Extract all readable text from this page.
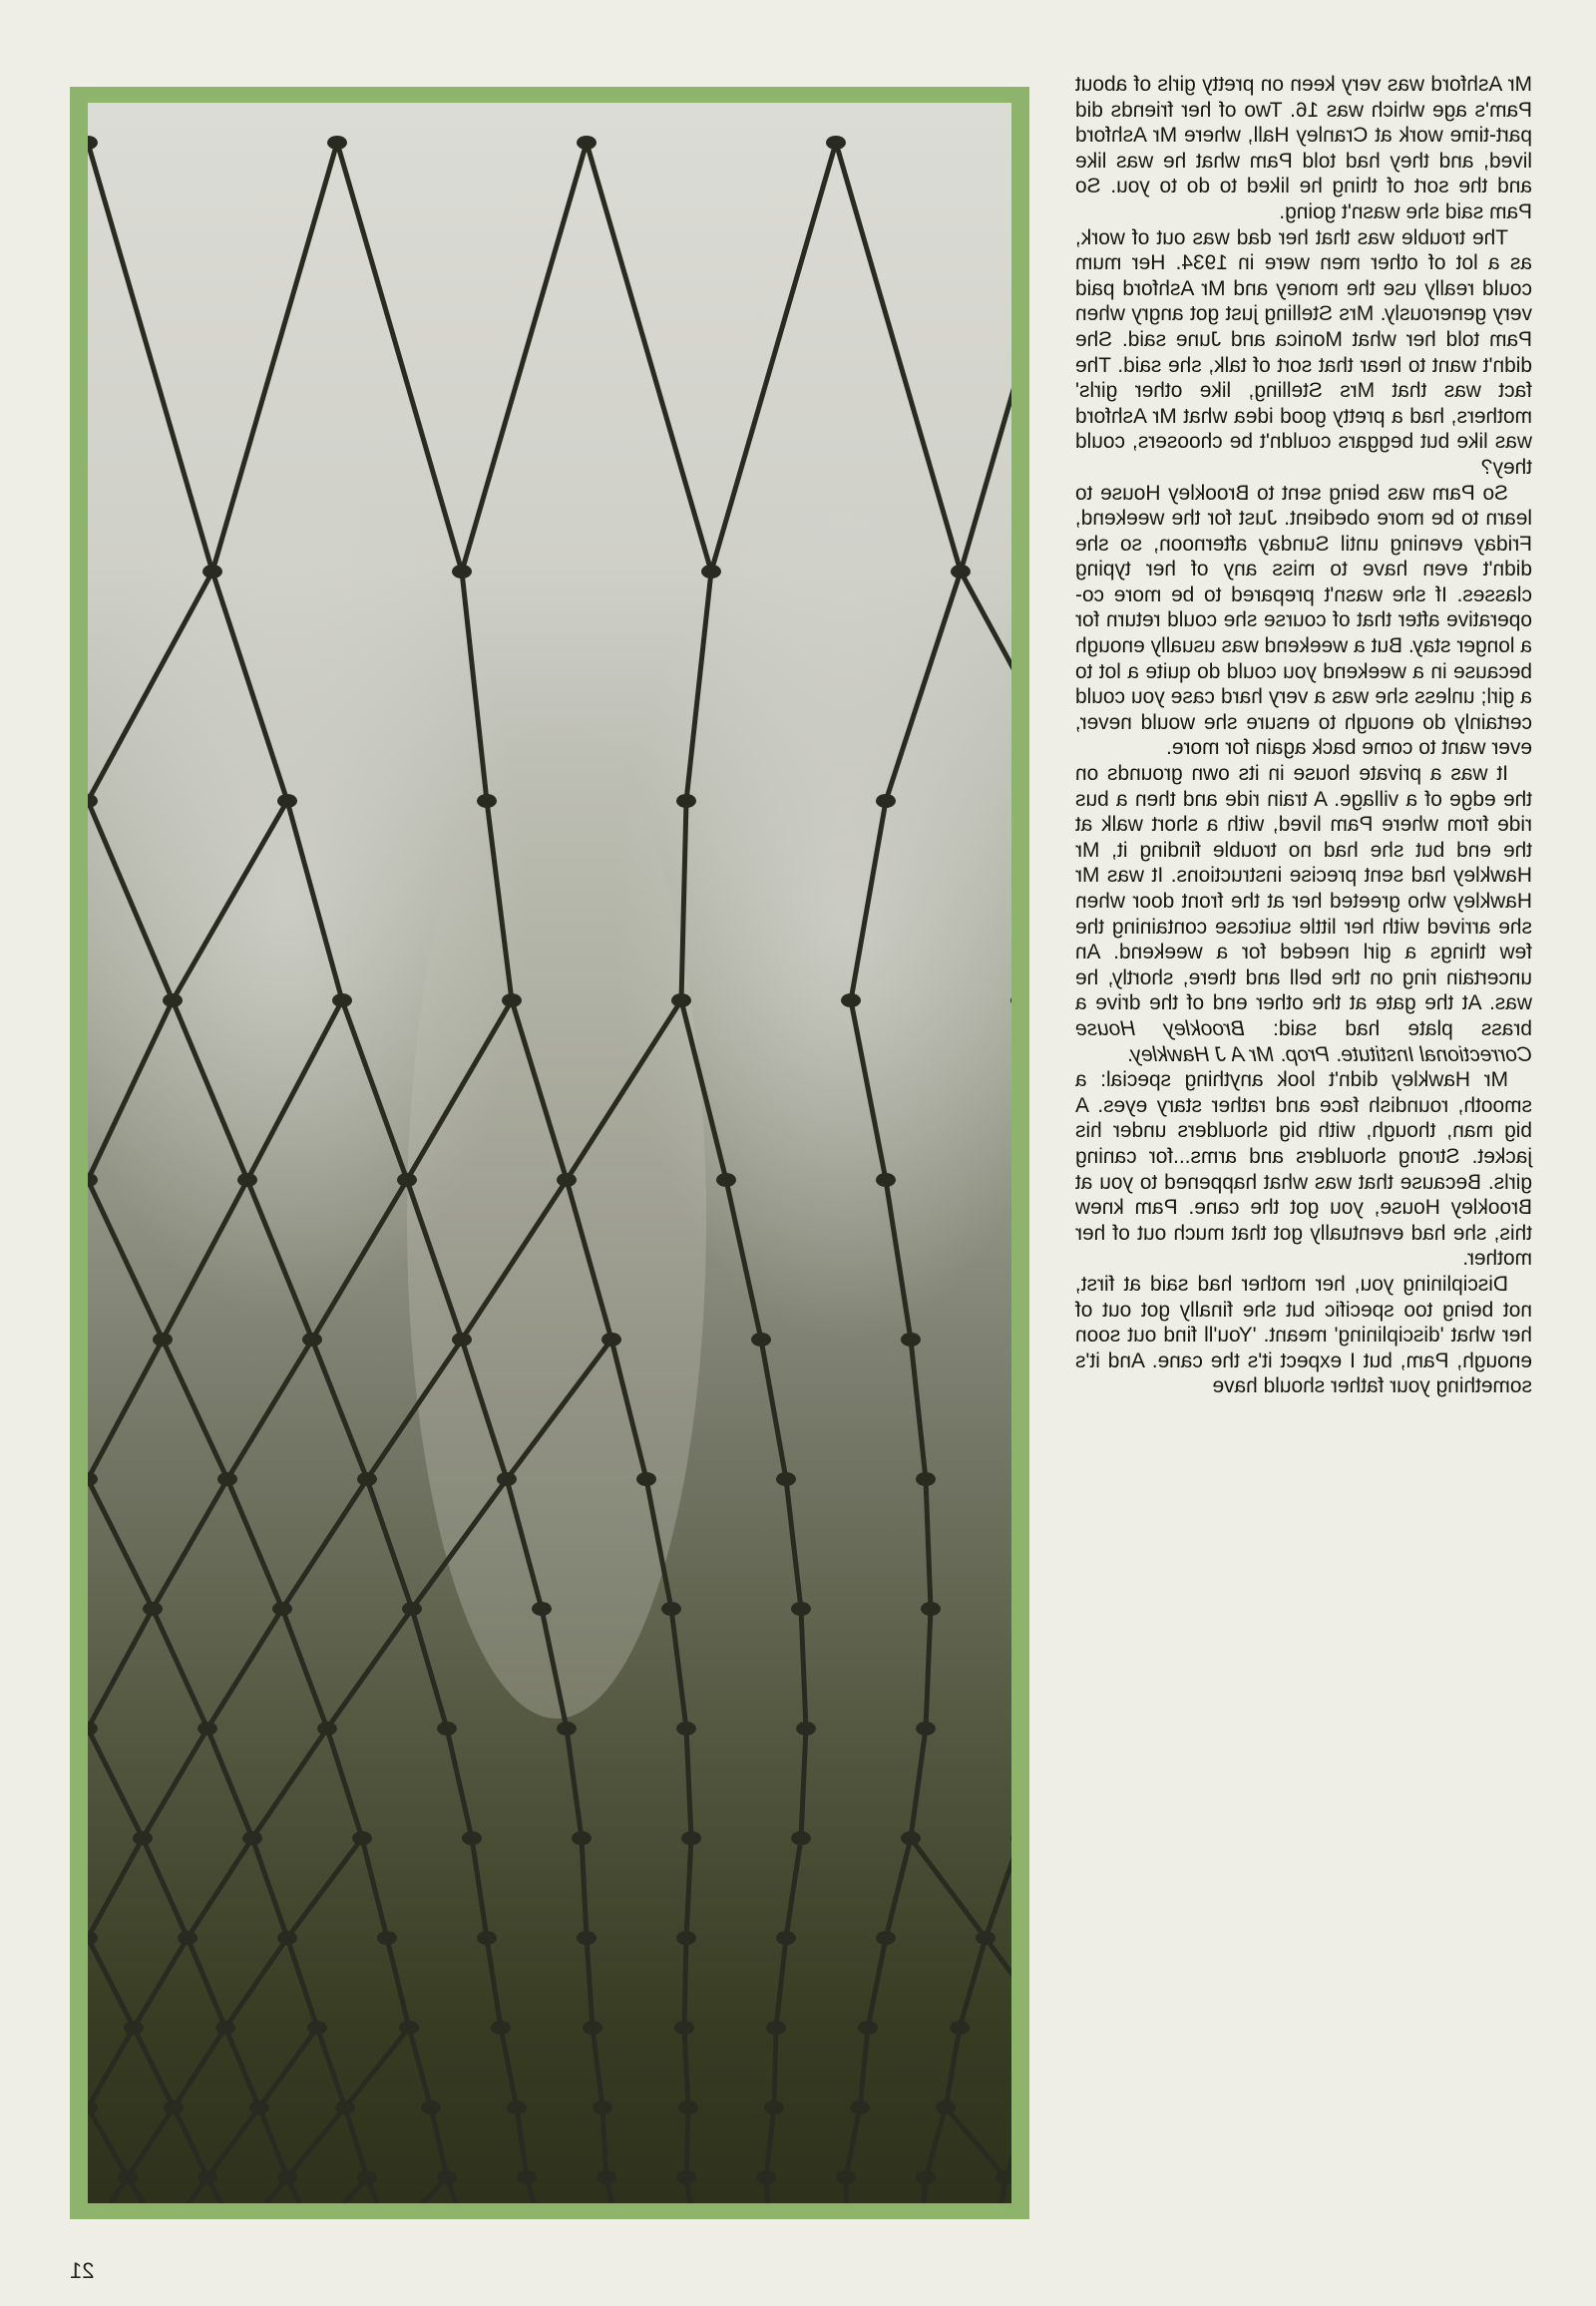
Mr Ashford was very keen on pretty girls of about Pam's age which was 16. Two of her friends did part-time work at Cranley Hall, where Mr Ashford lived, and they had told Pam what he was like and the sort of thing he liked to do to you. So Pam said she wasn't going.

The trouble was that her dad was out of work, as a lot of other men were in 1934. Her mum could really use the money and Mr Ashford paid very generously. Mrs Stelling just got angry when Pam told her what Monica and June said. She didn't want to hear that sort of talk, she said. The fact was that Mrs Stelling, like other girls' mothers, had a pretty good idea what Mr Ashford was like but beggars couldn't be choosers, could they?

So Pam was being sent to Brookley House to learn to be more obedient. Just for the weekend, Friday evening until Sunday afternoon, so she didn't even have to miss any of her typing classes. If she wasn't prepared to be more co-operative after that of course she could return for a longer stay. But a weekend was usually enough because in a weekend you could do quite a lot to a girl; unless she was a very hard case you could certainly do enough to ensure she would never, ever want to come back again for more.

It was a private house in its own grounds on the edge of a village. A train ride and then a bus ride from where Pam lived, with a short walk at the end but she had no trouble finding it, Mr Hawkley had sent precise instructions. It was Mr Hawkley who greeted her at the front door when she arrived with her little suitcase containing the few things a girl needed for a weekend. An uncertain ring on the bell and there, shortly, he was. At the gate at the other end of the drive a brass plate had said: Brookley House Correctional Institute. Prop. Mr A J Hawkley.

Mr Hawkley didn't look anything special: a smooth, roundish face and rather stary eyes. A big man, though, with big shoulders under his jacket. Strong shoulders and arms...for caning girls. Because that was what happened to you at Brookley House, you got the cane. Pam knew this, she had eventually got that much out of her mother.

Disciplining you, her mother had said at first, not being too specific but she finally got out of her what 'disciplining' meant. 'You'll find out soon enough, Pam, but I expect it's the cane. And it's something your father should have

21
